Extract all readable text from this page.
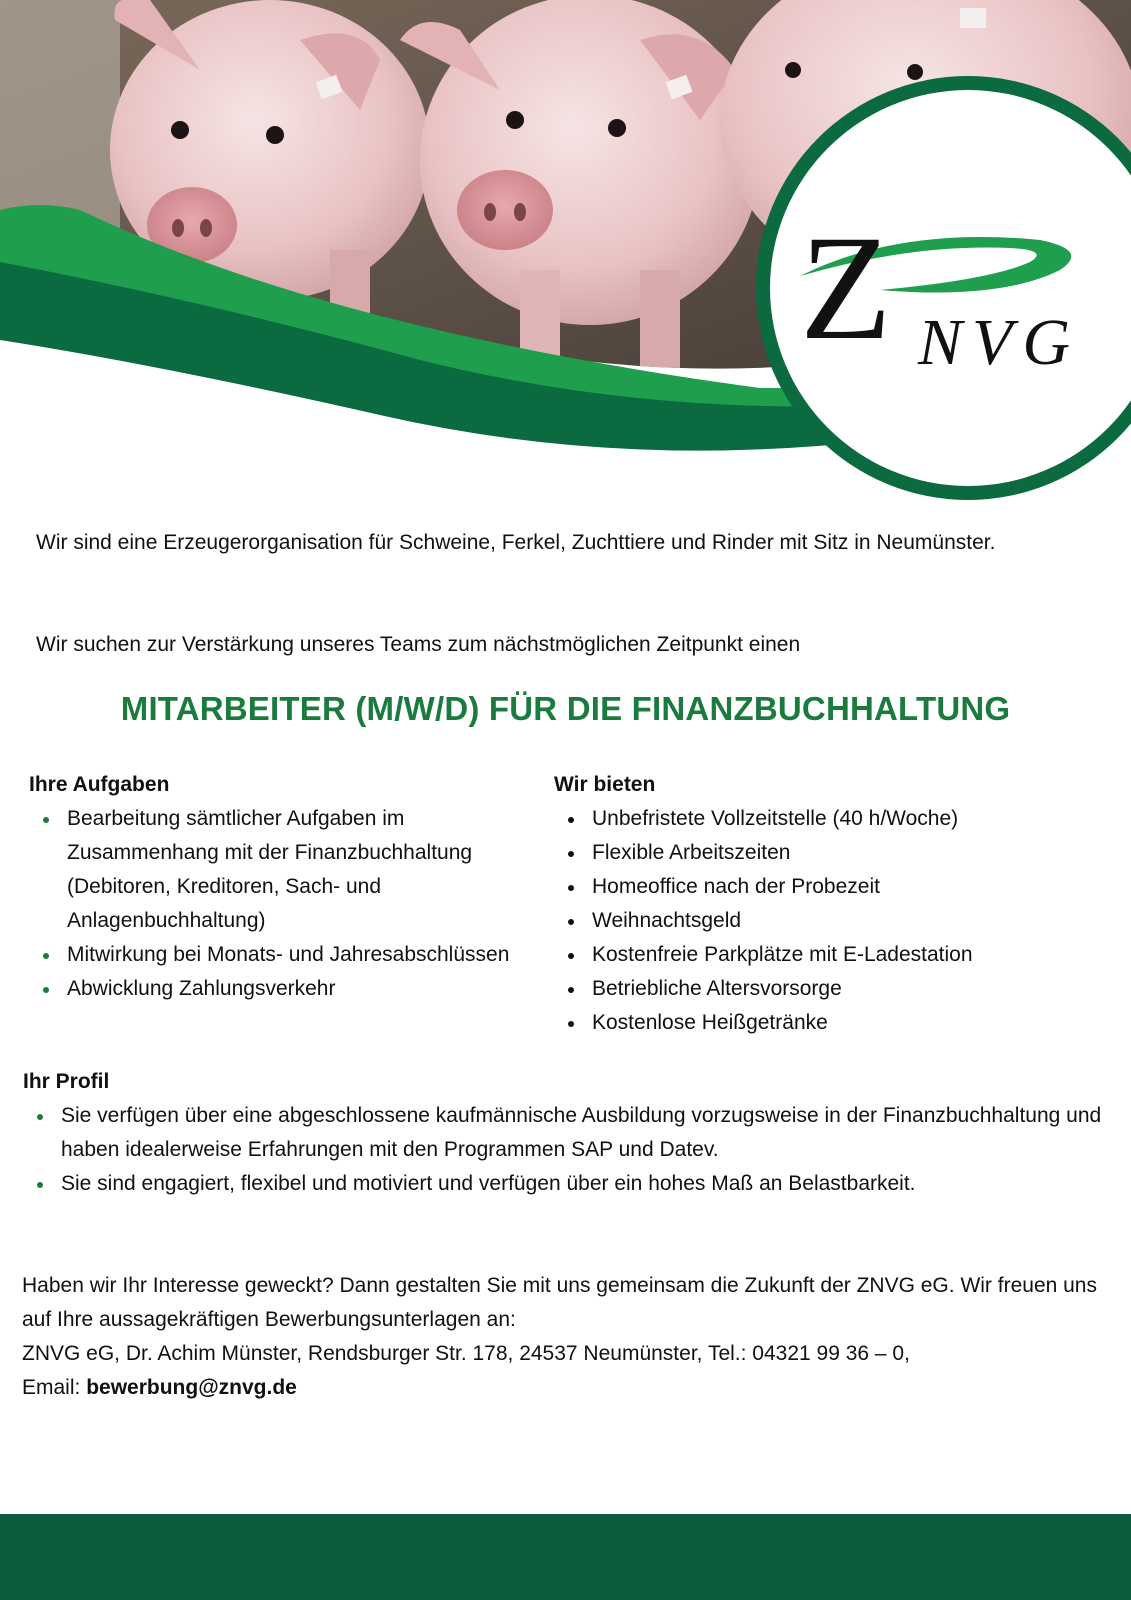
Z NVG
Wir sind eine Erzeugerorganisation für Schweine, Ferkel, Zuchttiere und Rinder mit Sitz in Neumünster.
Wir suchen zur Verstärkung unseres Teams zum nächstmöglichen Zeitpunkt einen
MITARBEITER (M/W/D) FÜR DIE FINANZBUCHHALTUNG
Ihre Aufgaben
Bearbeitung sämtlicher Aufgaben im Zusammenhang mit der Finanzbuchhaltung (Debitoren, Kreditoren, Sach- und Anlagenbuchhaltung)
Mitwirkung bei Monats- und Jahresabschlüssen
Abwicklung Zahlungsverkehr
Wir bieten
Unbefristete Vollzeitstelle (40 h/Woche)
Flexible Arbeitszeiten
Homeoffice nach der Probezeit
Weihnachtsgeld
Kostenfreie Parkplätze mit E-Ladestation
Betriebliche Altersvorsorge
Kostenlose Heißgetränke
Ihr Profil
Sie verfügen über eine abgeschlossene kaufmännische Ausbildung vorzugsweise in der Finanzbuchhaltung und haben idealerweise Erfahrungen mit den Programmen SAP und Datev.
Sie sind engagiert, flexibel und motiviert und verfügen über ein hohes Maß an Belastbarkeit.

Haben wir Ihr Interesse geweckt? Dann gestalten Sie mit uns gemeinsam die Zukunft der ZNVG eG. Wir freuen uns auf Ihre aussagekräftigen Bewerbungsunterlagen an:

ZNVG eG, Dr. Achim Münster, Rendsburger Str. 178, 24537 Neumünster, Tel.: 04321 99 36 – 0,

Email: bewerbung@znvg.de
